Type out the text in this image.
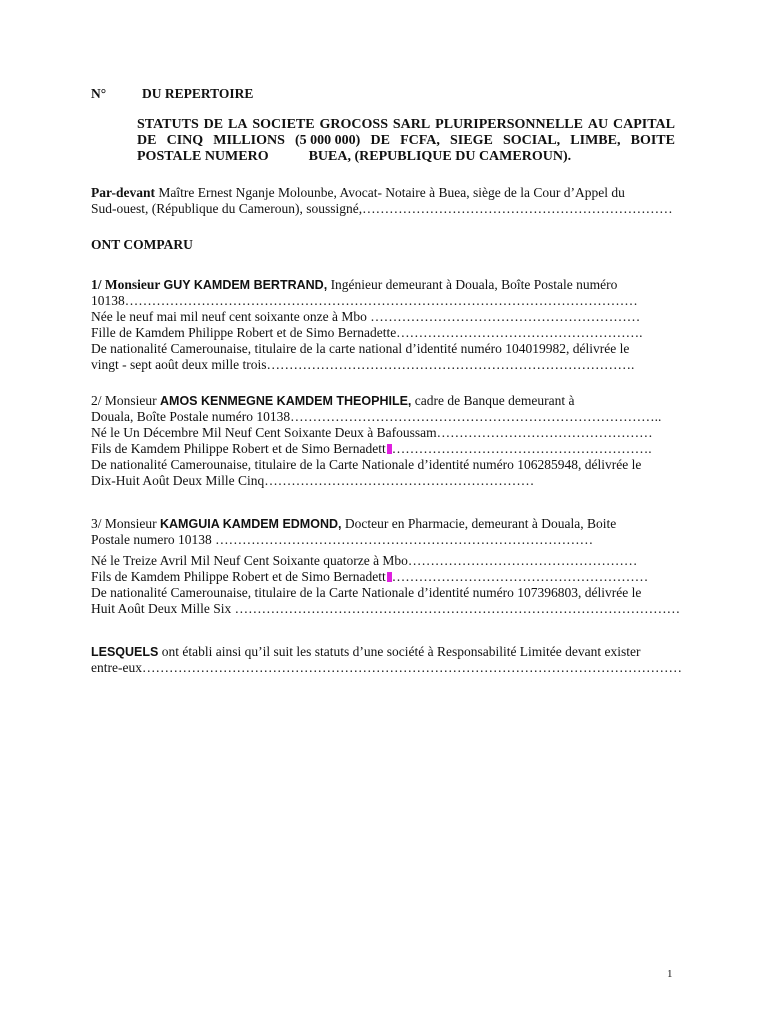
N°	DU REPERTOIRE
STATUTS DE LA SOCIETE GROCOSS SARL PLURIPERSONNELLE AU CAPITAL
DE CINQ MILLIONS (5 000 000) DE FCFA, SIEGE SOCIAL, LIMBE, BOITE
POSTALE NUMERO	BUEA, (REPUBLIQUE DU CAMEROUN).
Par-devant Maître Ernest Nganje Molounbe, Avocat- Notaire à Buea, siège de la Cour d’Appel du
Sud-ouest, (République du Cameroun), soussigné,……………………………………………………………
ONT COMPARU
1/ Monsieur GUY KAMDEM BERTRAND, Ingénieur demeurant à Douala, Boîte Postale numéro
10138……………………………………………………………………………………………………
Née le neuf mai mil neuf cent soixante onze à Mbo ……………………………………………………
Fille de Kamdem Philippe Robert et de Simo Bernadette……………………………………………….
De nationalité Camerounaise, titulaire de la carte national d’identité numéro 104019982, délivrée le
vingt - sept août deux mille trois……………………………………………………………………….
2/ Monsieur AMOS KENMEGNE KAMDEM THEOPHILE, cadre de Banque demeurant à
Douala, Boîte Postale numéro 10138………………………………………………………………………..
Né le Un Décembre Mil Neuf Cent Soixante Deux à Bafoussam…………………………………………
Fils de Kamdem Philippe Robert et de Simo Bernadett ………………………………………………….
De nationalité Camerounaise, titulaire de la Carte Nationale d’identité numéro 106285948, délivrée le
Dix-Huit Août Deux Mille Cinq……………………………………………………
3/ Monsieur KAMGUIA KAMDEM EDMOND, Docteur en Pharmacie, demeurant à Douala, Boite
Postale numero 10138 …………………………………………………………………………
Né le Treize Avril Mil Neuf Cent Soixante quatorze à Mbo……………………………………………
Fils de Kamdem Philippe Robert et de Simo Bernadett …………………………………………………
De nationalité Camerounaise, titulaire de la Carte Nationale d’identité numéro 107396803, délivrée le
Huit Août Deux Mille Six ………………………………………………………………………………………
LESQUELS ont établi ainsi qu’il suit les statuts d’une société à Responsabilité Limitée devant exister
entre-eux…………………………………………………………………………………………………………
1
